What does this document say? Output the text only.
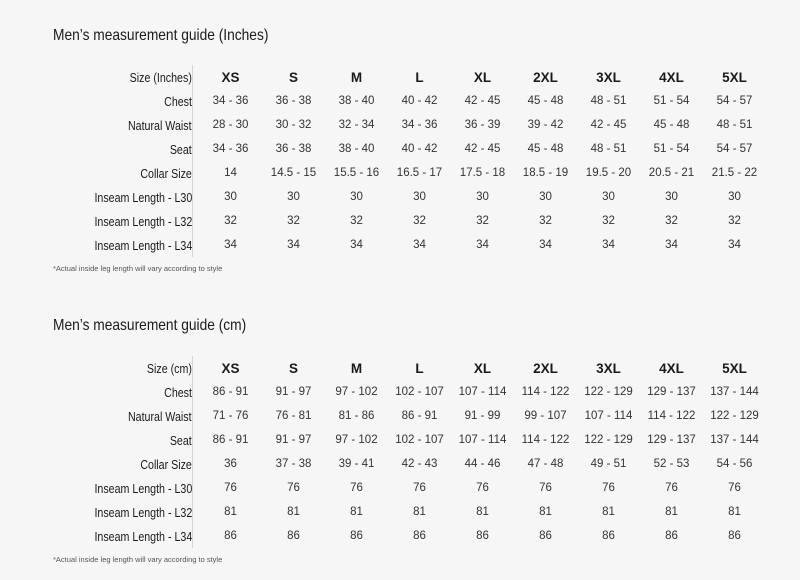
Men’s measurement guide (Inches)
Size (Inches)		XS	S	M	L	XL	2XL	3XL	4XL	5XL
Chest		34 - 36	36 - 38	38 - 40	40 - 42	42 - 45	45 - 48	48 - 51	51 - 54	54 - 57
Natural Waist		28 - 30	30 - 32	32 - 34	34 - 36	36 - 39	39 - 42	42 - 45	45 - 48	48 - 51
Seat		34 - 36	36 - 38	38 - 40	40 - 42	42 - 45	45 - 48	48 - 51	51 - 54	54 - 57
Collar Size		14	14.5 - 15	15.5 - 16	16.5 - 17	17.5 - 18	18.5 - 19	19.5 - 20	20.5 - 21	21.5 - 22
Inseam Length - L30		30	30	30	30	30	30	30	30	30
Inseam Length - L32		32	32	32	32	32	32	32	32	32
Inseam Length - L34		34	34	34	34	34	34	34	34	34
*Actual inside leg length will vary according to style
Men’s measurement guide (cm)
Size (cm)		XS	S	M	L	XL	2XL	3XL	4XL	5XL
Chest		86 - 91	91 - 97	97 - 102	102 - 107	107 - 114	114 - 122	122 - 129	129 - 137	137 - 144
Natural Waist		71 - 76	76 - 81	81 - 86	86 - 91	91 - 99	99 - 107	107 - 114	114 - 122	122 - 129
Seat		86 - 91	91 - 97	97 - 102	102 - 107	107 - 114	114 - 122	122 - 129	129 - 137	137 - 144
Collar Size		36	37 - 38	39 - 41	42 - 43	44 - 46	47 - 48	49 - 51	52 - 53	54 - 56
Inseam Length - L30		76	76	76	76	76	76	76	76	76
Inseam Length - L32		81	81	81	81	81	81	81	81	81
Inseam Length - L34		86	86	86	86	86	86	86	86	86
*Actual inside leg length will vary according to style
